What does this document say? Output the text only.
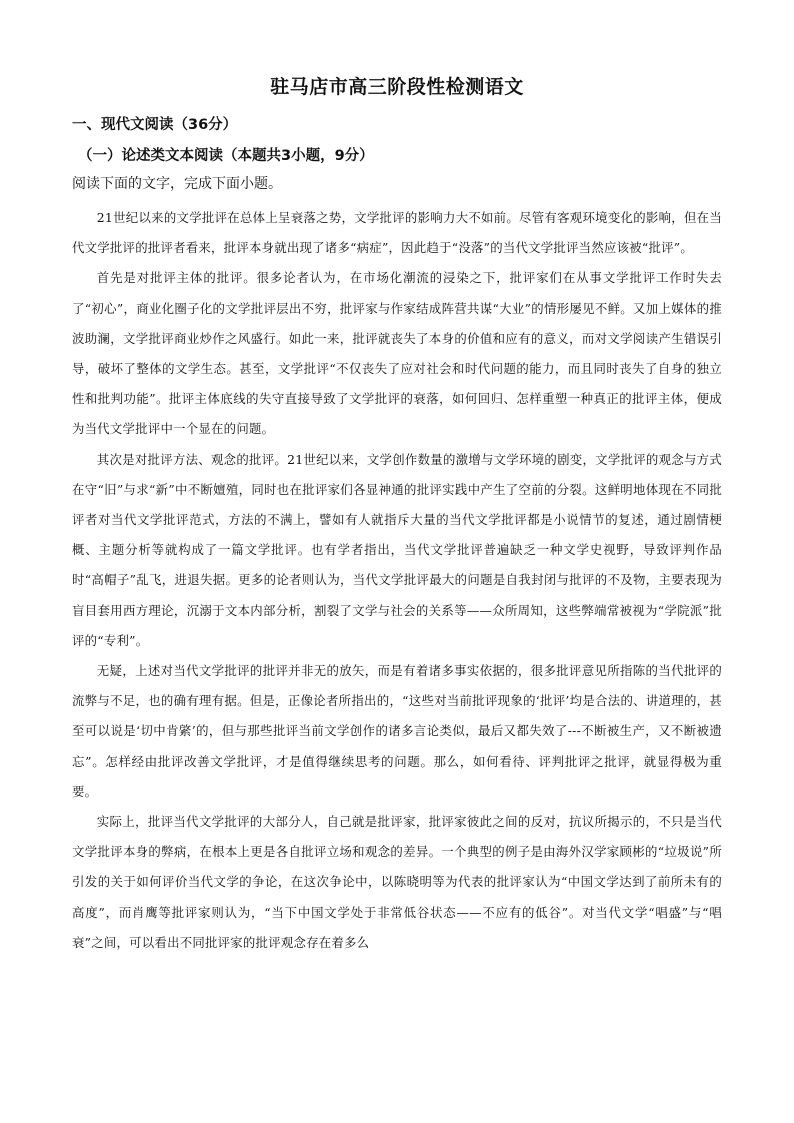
驻马店市高三阶段性检测语文
一、现代文阅读（36分）
（一）论述类文本阅读（本题共3小题，9分）
阅读下面的文字，完成下面小题。

21世纪以来的文学批评在总体上呈衰落之势，文学批评的影响力大不如前。尽管有客观环境变化的影响，但在当代文学批评的批评者看来，批评本身就出现了诸多“病症”，因此趋于“没落”的当代文学批评当然应该被“批评”。

首先是对批评主体的批评。很多论者认为，在市场化潮流的浸染之下，批评家们在从事文学批评工作时失去了“初心”，商业化圈子化的文学批评层出不穷，批评家与作家结成阵营共谋“大业”的情形屡见不鲜。又加上媒体的推波助澜，文学批评商业炒作之风盛行。如此一来，批评就丧失了本身的价值和应有的意义，而对文学阅读产生错误引导，破坏了整体的文学生态。甚至，文学批评“不仅丧失了应对社会和时代问题的能力，而且同时丧失了自身的独立性和批判功能”。批评主体底线的失守直接导致了文学批评的衰落，如何回归、怎样重塑一种真正的批评主体，便成为当代文学批评中一个显在的问题。

其次是对批评方法、观念的批评。21世纪以来，文学创作数量的激增与文学环境的剧变，文学批评的观念与方式在守“旧”与求“新”中不断嬗殖，同时也在批评家们各显神通的批评实践中产生了空前的分裂。这鲜明地体现在不同批评者对当代文学批评范式，方法的不满上，譬如有人就指斥大量的当代文学批评都是小说情节的复述，通过剧情梗概、主题分析等就构成了一篇文学批评。也有学者指出，当代文学批评普遍缺乏一种文学史视野，导致评判作品时“高帽子”乱飞，进退失据。更多的论者则认为，当代文学批评最大的问题是自我封闭与批评的不及物，主要表现为盲目套用西方理论，沉溺于文本内部分析，割裂了文学与社会的关系等——众所周知，这些弊端常被视为“学院派”批评的“专利”。

无疑，上述对当代文学批评的批评并非无的放矢，而是有着诸多事实依据的，很多批评意见所指陈的当代批评的流弊与不足，也的确有理有据。但是，正像论者所指出的，“这些对当前批评现象的‘批评’均是合法的、讲道理的，甚至可以说是‘切中肯綮’的，但与那些批评当前文学创作的诸多言论类似，最后又都失效了---不断被生产，又不断被遗忘”。怎样经由批评改善文学批评，才是值得继续思考的问题。那么，如何看待、评判批评之批评，就显得极为重要。

实际上，批评当代文学批评的大部分人，自己就是批评家，批评家彼此之间的反对，抗议所揭示的，不只是当代文学批评本身的弊病，在根本上更是各自批评立场和观念的差异。一个典型的例子是由海外汉学家顾彬的“垃圾说”所引发的关于如何评价当代文学的争论，在这次争论中，以陈晓明等为代表的批评家认为“中国文学达到了前所未有的高度”，而肖鹰等批评家则认为，“当下中国文学处于非常低谷状态——不应有的低谷”。对当代文学“唱盛”与“唱衰”之间，可以看出不同批评家的批评观念存在着多么
